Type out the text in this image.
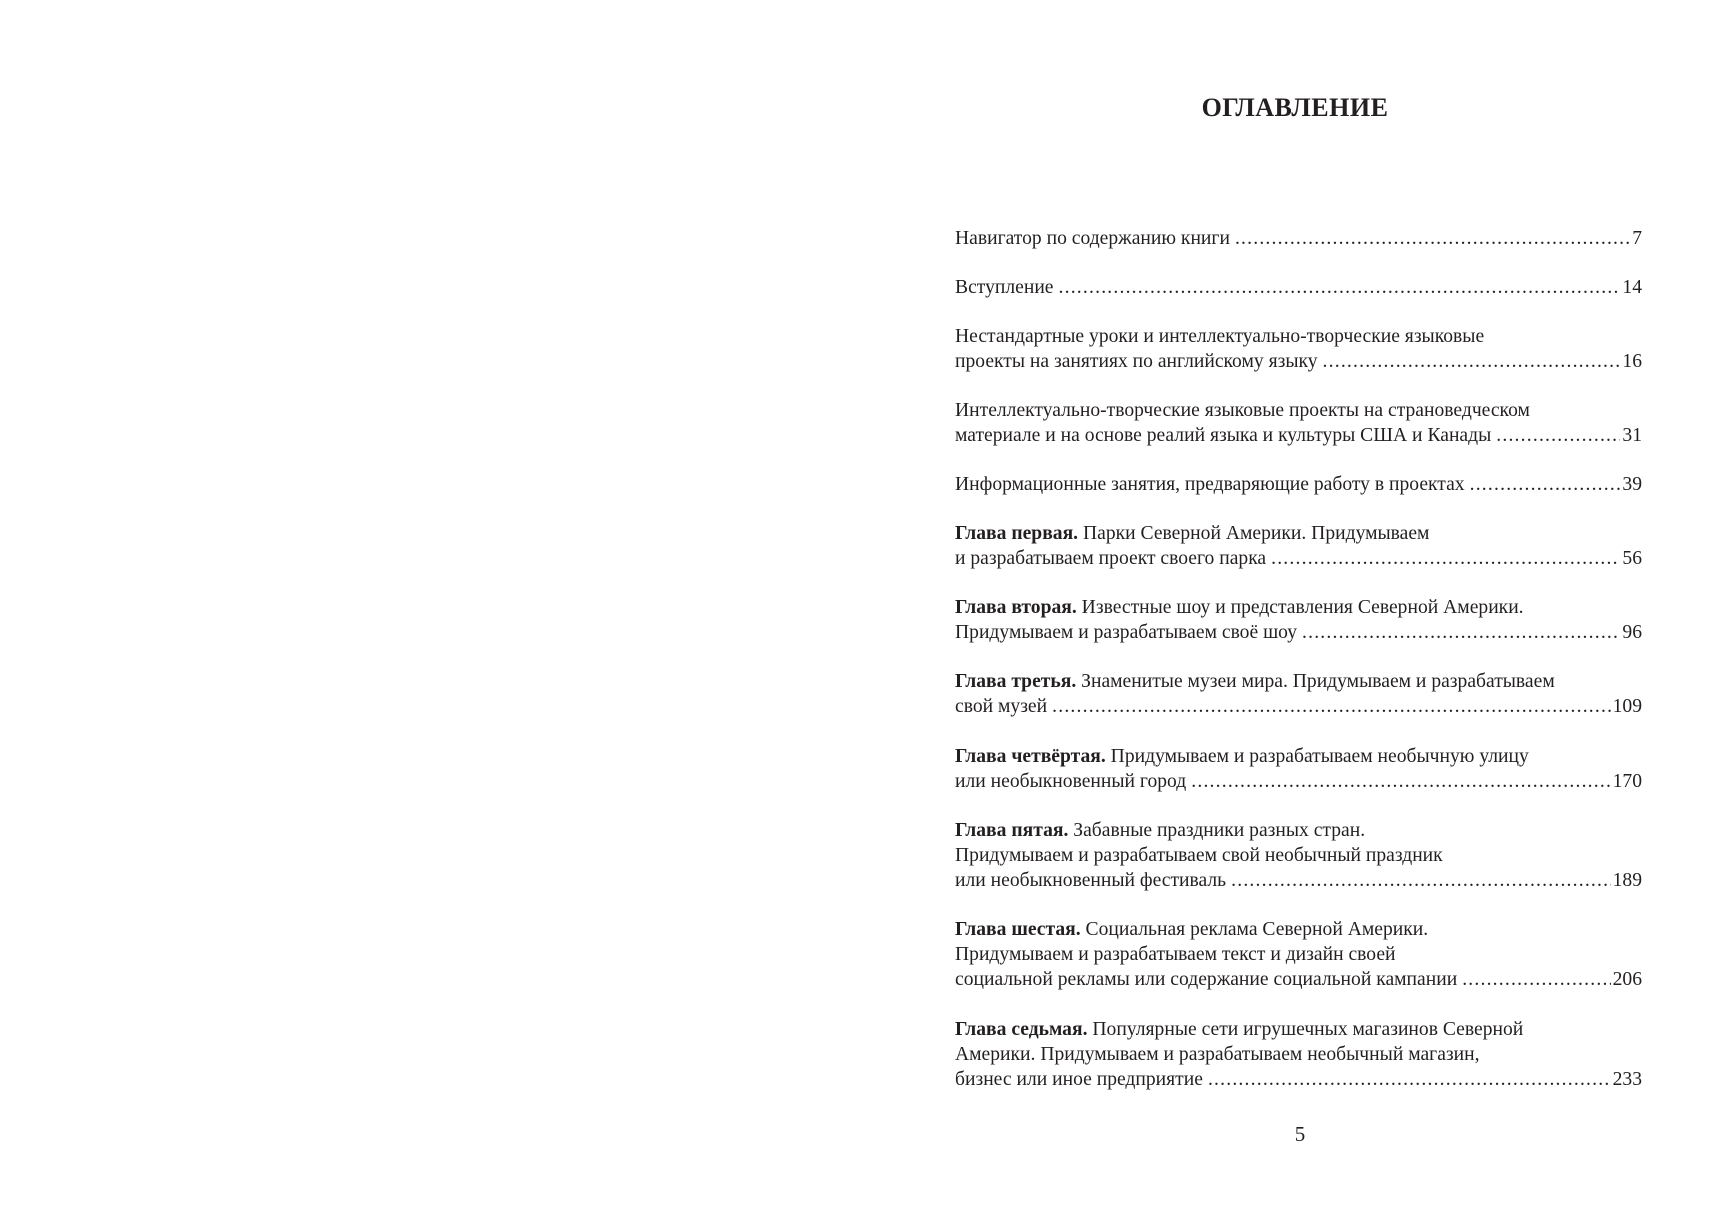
ОГЛАВЛЕНИЕ
Навигатор по содержанию книги .....	7
Вступление .....	14
Нестандартные уроки и интеллектуально-творческие языковые
проекты на занятиях по английскому языку .....	16
Интеллектуально-творческие языковые проекты на страноведческом
материале и на основе реалий языка и культуры США и Канады .....	31
Информационные занятия, предваряющие работу в проектах .....	39
Глава первая. Парки Северной Америки. Придумываем
и разрабатываем проект своего парка .....	56
Глава вторая. Известные шоу и представления Северной Америки.
Придумываем и разрабатываем своё шоу .....	96
Глава третья. Знаменитые музеи мира. Придумываем и разрабатываем
свой музей .....	109
Глава четвёртая. Придумываем и разрабатываем необычную улицу
или необыкновенный город .....	170
Глава пятая. Забавные праздники разных стран.
Придумываем и разрабатываем свой необычный праздник
или необыкновенный фестиваль .....	189
Глава шестая. Социальная реклама Северной Америки.
Придумываем и разрабатываем текст и дизайн своей
социальной рекламы или содержание социальной кампании .....	206
Глава седьмая. Популярные сети игрушечных магазинов Северной
Америки. Придумываем и разрабатываем необычный магазин,
бизнес или иное предприятие .....	233
5
